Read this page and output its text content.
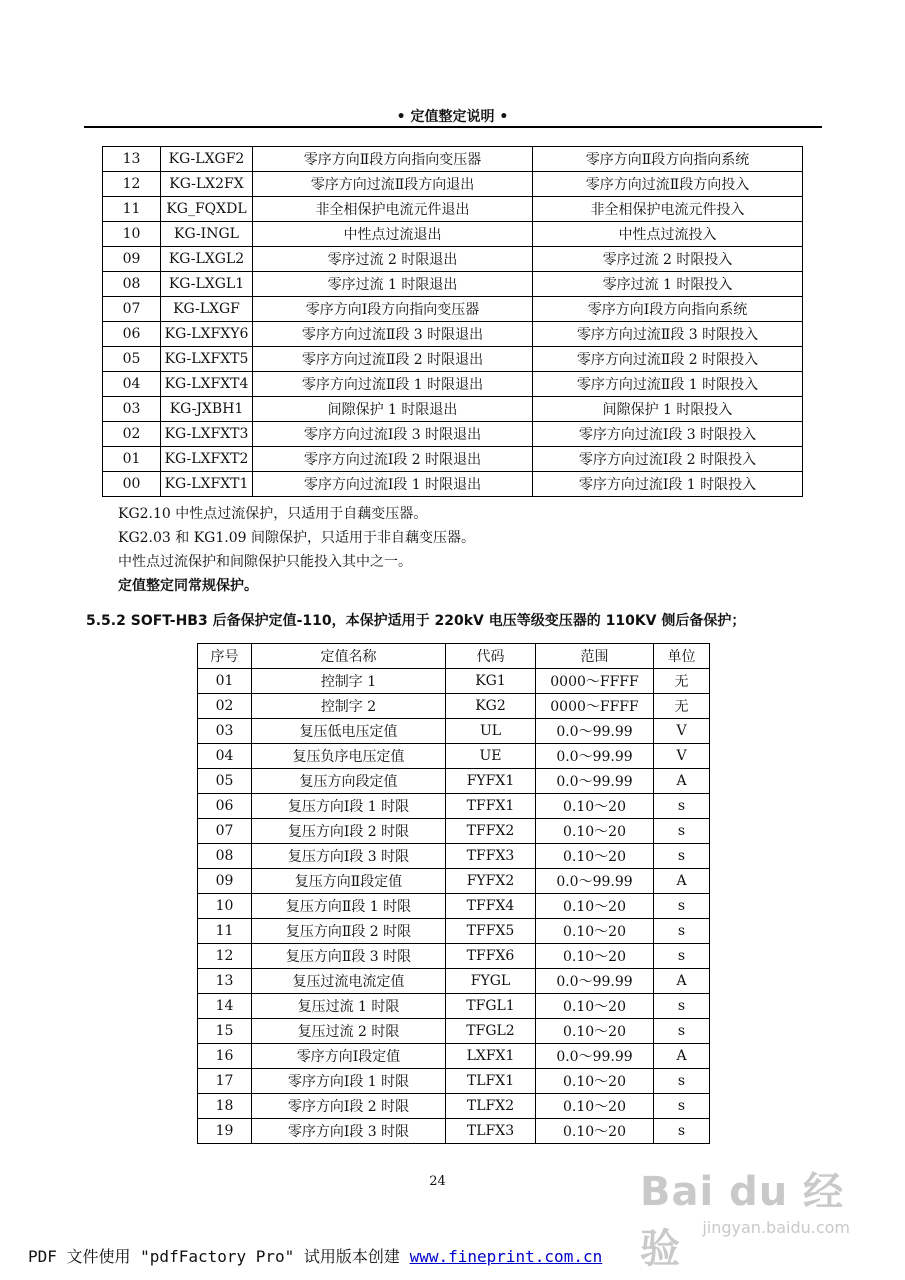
• 定值整定说明 •
13	KG-LXGF2	零序方向Ⅱ段方向指向变压器	零序方向Ⅱ段方向指向系统
12	KG-LX2FX	零序方向过流Ⅱ段方向退出	零序方向过流Ⅱ段方向投入
11	KG_FQXDL	非全相保护电流元件退出	非全相保护电流元件投入
10	KG-INGL	中性点过流退出	中性点过流投入
09	KG-LXGL2	零序过流 2 时限退出	零序过流 2 时限投入
08	KG-LXGL1	零序过流 1 时限退出	零序过流 1 时限投入
07	KG-LXGF	零序方向Ⅰ段方向指向变压器	零序方向Ⅰ段方向指向系统
06	KG-LXFXY6	零序方向过流Ⅱ段 3 时限退出	零序方向过流Ⅱ段 3 时限投入
05	KG-LXFXT5	零序方向过流Ⅱ段 2 时限退出	零序方向过流Ⅱ段 2 时限投入
04	KG-LXFXT4	零序方向过流Ⅱ段 1 时限退出	零序方向过流Ⅱ段 1 时限投入
03	KG-JXBH1	间隙保护 1 时限退出	间隙保护 1 时限投入
02	KG-LXFXT3	零序方向过流Ⅰ段 3 时限退出	零序方向过流Ⅰ段 3 时限投入
01	KG-LXFXT2	零序方向过流Ⅰ段 2 时限退出	零序方向过流Ⅰ段 2 时限投入
00	KG-LXFXT1	零序方向过流Ⅰ段 1 时限退出	零序方向过流Ⅰ段 1 时限投入
KG2.10 中性点过流保护，只适用于自藕变压器。
KG2.03 和 KG1.09 间隙保护，只适用于非自藕变压器。
中性点过流保护和间隙保护只能投入其中之一。
定值整定同常规保护。
5.5.2 SOFT-HB3 后备保护定值-110，本保护适用于 220kV 电压等级变压器的 110KV 侧后备保护；
序号	定值名称	代码	范围	单位
01	控制字 1	KG1	0000～FFFF	无
02	控制字 2	KG2	0000～FFFF	无
03	复压低电压定值	UL	0.0～99.99	V
04	复压负序电压定值	UE	0.0～99.99	V
05	复压方向段定值	FYFX1	0.0～99.99	A
06	复压方向Ⅰ段 1 时限	TFFX1	0.10～20	s
07	复压方向Ⅰ段 2 时限	TFFX2	0.10～20	s
08	复压方向Ⅰ段 3 时限	TFFX3	0.10～20	s
09	复压方向Ⅱ段定值	FYFX2	0.0～99.99	A
10	复压方向Ⅱ段 1 时限	TFFX4	0.10～20	s
11	复压方向Ⅱ段 2 时限	TFFX5	0.10～20	s
12	复压方向Ⅱ段 3 时限	TFFX6	0.10～20	s
13	复压过流电流定值	FYGL	0.0～99.99	A
14	复压过流 1 时限	TFGL1	0.10～20	s
15	复压过流 2 时限	TFGL2	0.10～20	s
16	零序方向Ⅰ段定值	LXFX1	0.0～99.99	A
17	零序方向Ⅰ段 1 时限	TLFX1	0.10～20	s
18	零序方向Ⅰ段 2 时限	TLFX2	0.10～20	s
19	零序方向Ⅰ段 3 时限	TLFX3	0.10～20	s
24	Bai du 经验	jingyan.baidu.com
PDF 文件使用 "pdfFactory Pro" 试用版本创建 www.fineprint.com.cn
